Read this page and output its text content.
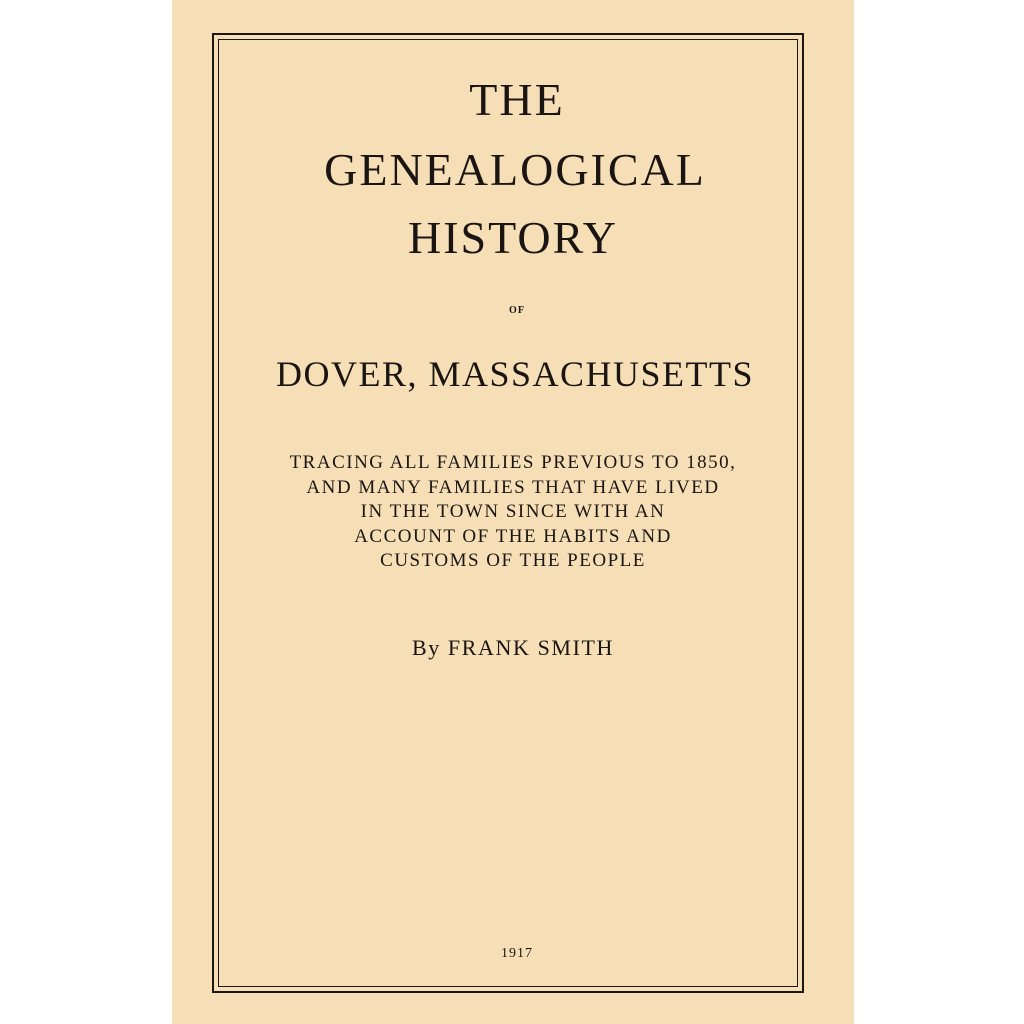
THE
GENEALOGICAL
HISTORY
OF
DOVER, MASSACHUSETTS
TRACING ALL FAMILIES PREVIOUS TO 1850,
AND MANY FAMILIES THAT HAVE LIVED
IN THE TOWN SINCE WITH AN
ACCOUNT OF THE HABITS AND
CUSTOMS OF THE PEOPLE
By FRANK SMITH
1917
